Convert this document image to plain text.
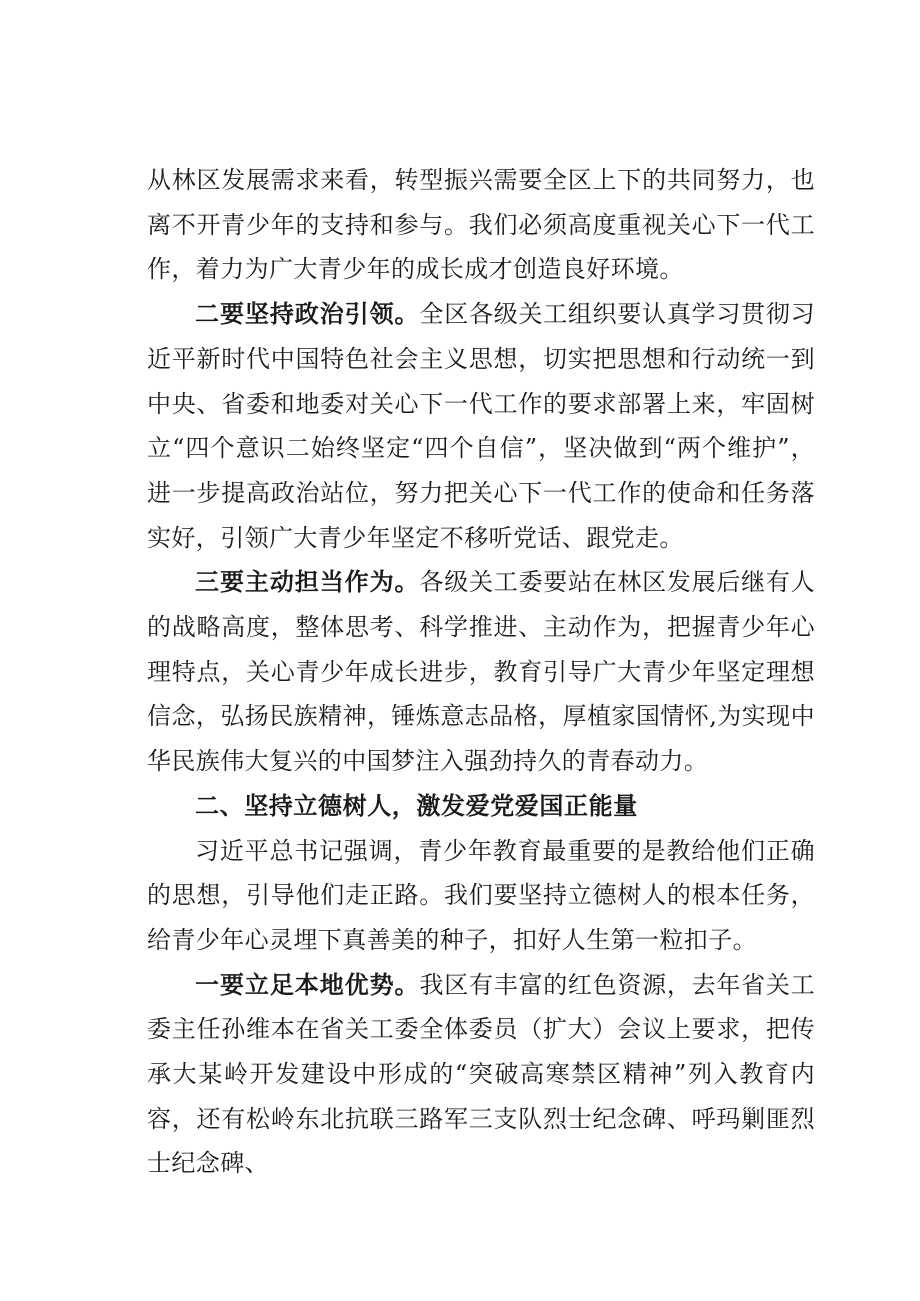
从林区发展需求来看，转型振兴需要全区上下的共同努力，也离不开青少年的支持和参与。我们必须高度重视关心下一代工作，着力为广大青少年的成长成才创造良好环境。

二要坚持政治引领。全区各级关工组织要认真学习贯彻习近平新时代中国特色社会主义思想，切实把思想和行动统一到中央、省委和地委对关心下一代工作的要求部署上来，牢固树立“四个意识二始终坚定“四个自信”，坚决做到“两个维护”，进一步提高政治站位，努力把关心下一代工作的使命和任务落实好，引领广大青少年坚定不移听党话、跟党走。

三要主动担当作为。各级关工委要站在林区发展后继有人的战略高度，整体思考、科学推进、主动作为，把握青少年心理特点，关心青少年成长进步，教育引导广大青少年坚定理想信念，弘扬民族精神，锤炼意志品格，厚植家国情怀,为实现中华民族伟大复兴的中国梦注入强劲持久的青春动力。

二、坚持立德树人，激发爱党爱国正能量

习近平总书记强调，青少年教育最重要的是教给他们正确的思想，引导他们走正路。我们要坚持立德树人的根本任务，给青少年心灵埋下真善美的种子，扣好人生第一粒扣子。

一要立足本地优势。我区有丰富的红色资源，去年省关工委主任孙维本在省关工委全体委员（扩大）会议上要求，把传承大某岭开发建设中形成的“突破高寒禁区精神”列入教育内容，还有松岭东北抗联三路军三支队烈士纪念碑、呼玛剿匪烈士纪念碑、
